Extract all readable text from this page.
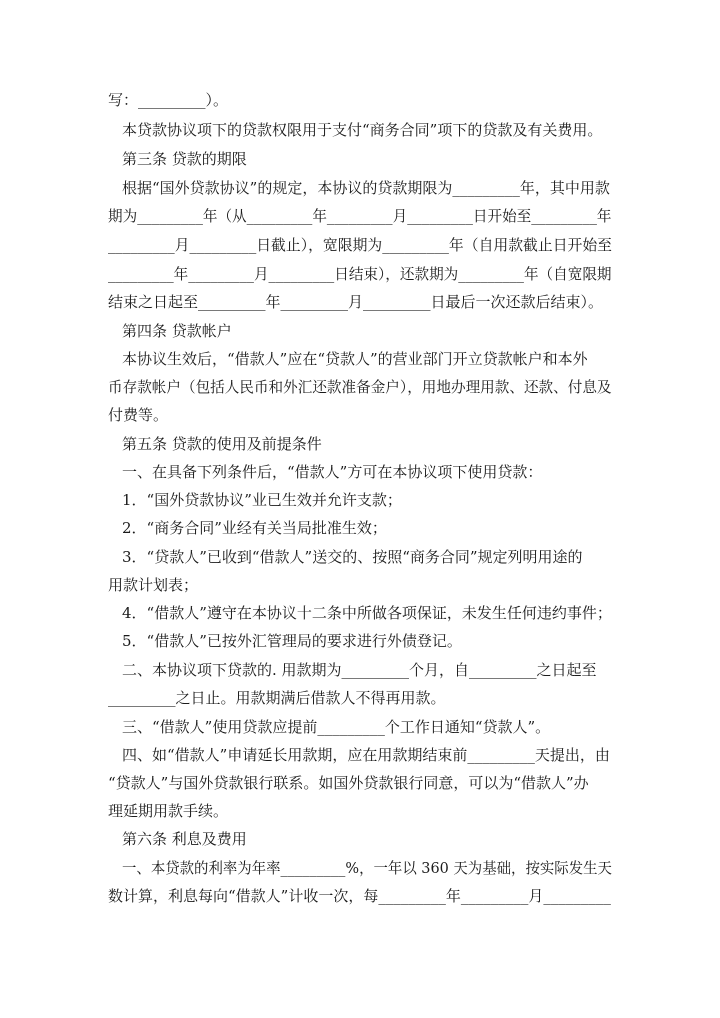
写：_________）。
本贷款协议项下的贷款权限用于支付“商务合同”项下的贷款及有关费用。
第三条 贷款的期限
根据“国外贷款协议”的规定，本协议的贷款期限为_________年，其中用款
期为_________年（从_________年_________月_________日开始至_________年
_________月_________日截止），宽限期为_________年（自用款截止日开始至
_________年_________月_________日结束），还款期为_________年（自宽限期
结束之日起至_________年_________月_________日最后一次还款后结束）。
第四条 贷款帐户
本协议生效后，“借款人”应在“贷款人”的营业部门开立贷款帐户和本外
币存款帐户（包括人民币和外汇还款准备金户），用地办理用款、还款、付息及
付费等。
第五条 贷款的使用及前提条件
一、在具备下列条件后，“借款人”方可在本协议项下使用贷款：
1．“国外贷款协议”业已生效并允许支款；
2．“商务合同”业经有关当局批准生效；
3．“贷款人”已收到“借款人”送交的、按照“商务合同”规定列明用途的
用款计划表；
4．“借款人”遵守在本协议十二条中所做各项保证，未发生任何违约事件；
5．“借款人”已按外汇管理局的要求进行外债登记。
二、本协议项下贷款的. 用款期为_________个月，自_________之日起至
_________之日止。用款期满后借款人不得再用款。
三、“借款人”使用贷款应提前_________个工作日通知“贷款人”。
四、如“借款人”申请延长用款期，应在用款期结束前_________天提出，由
“贷款人”与国外贷款银行联系。如国外贷款银行同意，可以为“借款人”办
理延期用款手续。
第六条 利息及费用
一、本贷款的利率为年率_________%，一年以 360 天为基础，按实际发生天
数计算，利息每向“借款人”计收一次，每_________年_________月_________
